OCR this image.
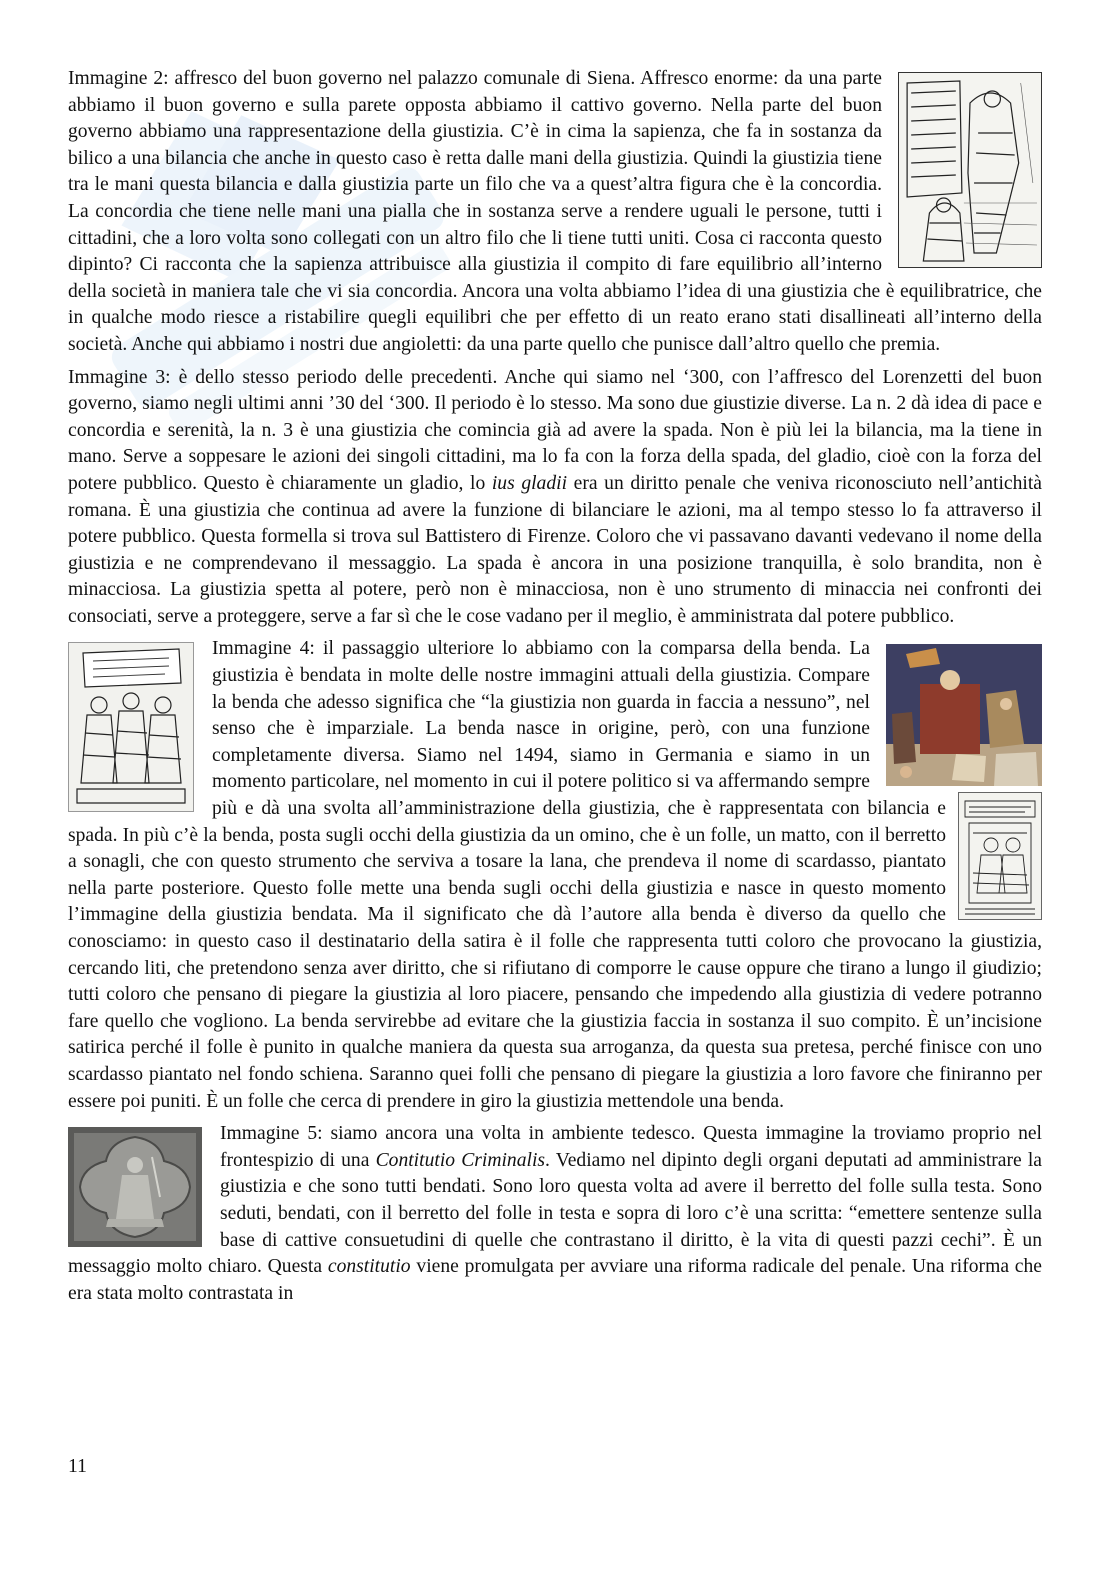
Immagine 2: affresco del buon governo nel palazzo comunale di Siena. Affresco enorme: da una parte abbiamo il buon governo e sulla parete opposta abbiamo il cattivo governo. Nella parte del buon governo abbiamo una rappresentazione della giustizia. C’è in cima la sapienza, che fa in sostanza da bilico a una bilancia che anche in questo caso è retta dalle mani della giustizia. Quindi la giustizia tiene tra le mani questa bilancia e dalla giustizia parte un filo che va a quest’altra figura che è la concordia. La concordia che tiene nelle mani una pialla che in sostanza serve a rendere uguali le persone, tutti i cittadini, che a loro volta sono collegati con un altro filo che li tiene tutti uniti. Cosa ci racconta questo dipinto? Ci racconta che la sapienza attribuisce alla giustizia il compito di fare equilibrio all’interno della società in maniera tale che vi sia concordia. Ancora una volta abbiamo l’idea di una giustizia che è equilibratrice, che in qualche modo riesce a ristabilire quegli equilibri che per effetto di un reato erano stati disallineati all’interno della società. Anche qui abbiamo i nostri due angioletti: da una parte quello che punisce dall’altro quello che premia.

Immagine 3: è dello stesso periodo delle precedenti. Anche qui siamo nel ‘300, con l’affresco del Lorenzetti del buon governo, siamo negli ultimi anni ’30 del ‘300. Il periodo è lo stesso. Ma sono due giustizie diverse. La n. 2 dà idea di pace e concordia e serenità, la n. 3 è una giustizia che comincia già ad avere la spada. Non è più lei la bilancia, ma la tiene in mano. Serve a soppesare le azioni dei singoli cittadini, ma lo fa con la forza della spada, del gladio, cioè con la forza del potere pubblico. Questo è chiaramente un gladio, lo ius gladii era un diritto penale che veniva riconosciuto nell’antichità romana. È una giustizia che continua ad avere la funzione di bilanciare le azioni, ma al tempo stesso lo fa attraverso il potere pubblico. Questa formella si trova sul Battistero di Firenze. Coloro che vi passavano davanti vedevano il nome della giustizia e ne comprendevano il messaggio. La spada è ancora in una posizione tranquilla, è solo brandita, non è minacciosa. La giustizia spetta al potere, però non è minacciosa, non è uno strumento di minaccia nei confronti dei consociati, serve a proteggere, serve a far sì che le cose vadano per il meglio, è amministrata dal potere pubblico.

Immagine 4: il passaggio ulteriore lo abbiamo con la comparsa della benda. La giustizia è bendata in molte delle nostre immagini attuali della giustizia. Compare la benda che adesso significa che “la giustizia non guarda in faccia a nessuno”, nel senso che è imparziale. La benda nasce in origine, però, con una funzione completamente diversa. Siamo nel 1494, siamo in Germania e siamo in un momento particolare, nel momento in cui il potere politico si va affermando sempre più e dà una svolta all’amministrazione della giustizia, che è rappresentata con bilancia e spada. In più c’è la benda, posta sugli occhi della giustizia da un omino, che è un folle, un matto, con il berretto a sonagli, che con questo strumento che serviva a tosare la lana, che prendeva il nome di scardasso, piantato nella parte posteriore. Questo folle mette una benda sugli occhi della giustizia e nasce in questo momento l’immagine della giustizia bendata. Ma il significato che dà l’autore alla benda è diverso da quello che conosciamo: in questo caso il destinatario della satira è il folle che rappresenta tutti coloro che provocano la giustizia, cercando liti, che pretendono senza aver diritto, che si rifiutano di comporre le cause oppure che tirano a lungo il giudizio; tutti coloro che pensano di piegare la giustizia al loro piacere, pensando che impedendo alla giustizia di vedere potranno fare quello che vogliono. La benda servirebbe ad evitare che la giustizia faccia in sostanza il suo compito. È un’incisione satirica perché il folle è punito in qualche maniera da questa sua arroganza, da questa sua pretesa, perché finisce con uno scardasso piantato nel fondo schiena. Saranno quei folli che pensano di piegare la giustizia a loro favore che finiranno per essere poi puniti. È un folle che cerca di prendere in giro la giustizia mettendole una benda.

Immagine 5: siamo ancora una volta in ambiente tedesco. Questa immagine la troviamo proprio nel frontespizio di una Contitutio Criminalis. Vediamo nel dipinto degli organi deputati ad amministrare la giustizia e che sono tutti bendati. Sono loro questa volta ad avere il berretto del folle sulla testa. Sono seduti, bendati, con il berretto del folle in testa e sopra di loro c’è una scritta: “emettere sentenze sulla base di cattive consuetudini di quelle che contrastano il diritto, è la vita di questi pazzi cechi”. È un messaggio molto chiaro. Questa constitutio viene promulgata per avviare una riforma radicale del penale. Una riforma che era stata molto contrastata in

11
